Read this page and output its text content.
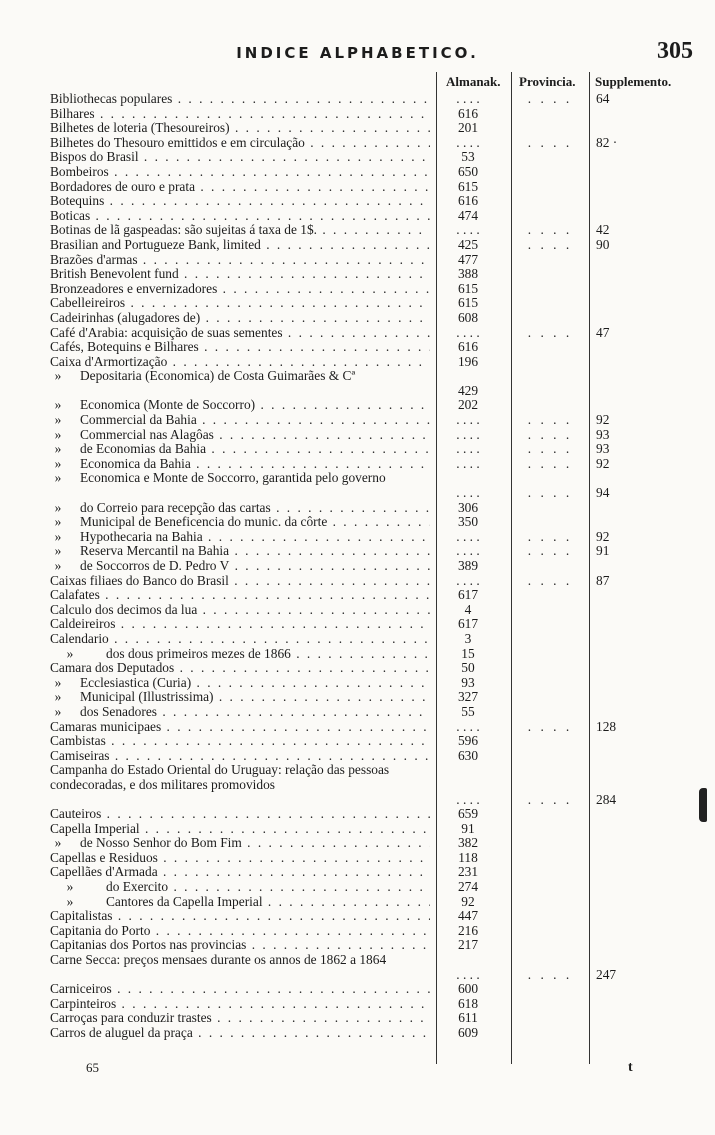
INDICE ALPHABETICO.	305
Almanak. Provincia. Supplemento.
Bibliothecas populares . . .	. . . .	. . . .	64
Bilhares . . .	616
Bilhetes de loteria (Thesoureiros) . . .	201
Bilhetes do Thesouro emittidos e em circulação . . .	. . . .	. . . .	82 ·
Bispos do Brasil . . .	53
Bombeiros . . .	650
Bordadores de ouro e prata . . .	615
Botequins . . .	616
Boticas . . .	474
Botinas de lã gaspeadas: são sujeitas á taxa de 1$. . . .	. . . .	. . . .	42
Brasilian and Portugueze Bank, limited . . .	425	. . . .	90
Brazões d'armas . . .	477
British Benevolent fund . . .	388
Bronzeadores e envernizadores . . .	615
Cabelleireiros . . .	615
Cadeirinhas (alugadores de) . . .	608
Café d'Arabia: acquisição de suas sementes . . .	. . . .	. . . .	47
Cafés, Botequins e Bilhares . . .	616
Caixa d'Armortização . . .	196
» Depositaria (Economica) de Costa Guimarães & Cª
429
» Economica (Monte de Soccorro) . . .	202
» Commercial da Bahia . . .	. . . .	. . . .	92
» Commercial nas Alagôas . . .	. . . .	. . . .	93
» de Economias da Bahia . . .	. . . .	. . . .	93
» Economica da Bahia . . .	. . . .	. . . .	92
» Economica e Monte de Soccorro, garantida pelo governo
. . . .	. . . .	94
» do Correio para recepção das cartas . . .	306
» Municipal de Beneficencia do munic. da côrte . . .	350
» Hypothecaria na Bahia . . .	. . . .	. . . .	92
» Reserva Mercantil na Bahia . . .	. . . .	. . . .	91
» de Soccorros de D. Pedro V . . .	389
Caixas filiaes do Banco do Brasil . . .	. . . .	. . . .	87
Calafates . . .	617
Calculo dos decimos da lua . . .	4
Caldeireiros . . .	617
Calendario . . .	3
» dos dous primeiros mezes de 1866 . . .	15
Camara dos Deputados . . .	50
» Ecclesiastica (Curia) . . .	93
» Municipal (Illustrissima) . . .	327
» dos Senadores . . .	55
Camaras municipaes . . .	. . . .	. . . .	128
Cambistas . . .	596
Camiseiras . . .	630
Campanha do Estado Oriental do Uruguay: relação das pessoas condecoradas, e dos militares promovidos
. . . .	. . . .	284
Cauteiros . . .	659
Capella Imperial . . .	91
» de Nosso Senhor do Bom Fim . . .	382
Capellas e Residuos . . .	118
Capellães d'Armada . . .	231
» do Exercito . . .	274
» Cantores da Capella Imperial . . .	92
Capitalistas . . .	447
Capitania do Porto . . .	216
Capitanias dos Portos nas provincias . . .	217
Carne Secca: preços mensaes durante os annos de 1862 a 1864
. . . .	. . . .	247
Carniceiros . . .	600
Carpinteiros . . .	618
Carroças para conduzir trastes . . .	611
Carros de aluguel da praça . . .	609
65	t
